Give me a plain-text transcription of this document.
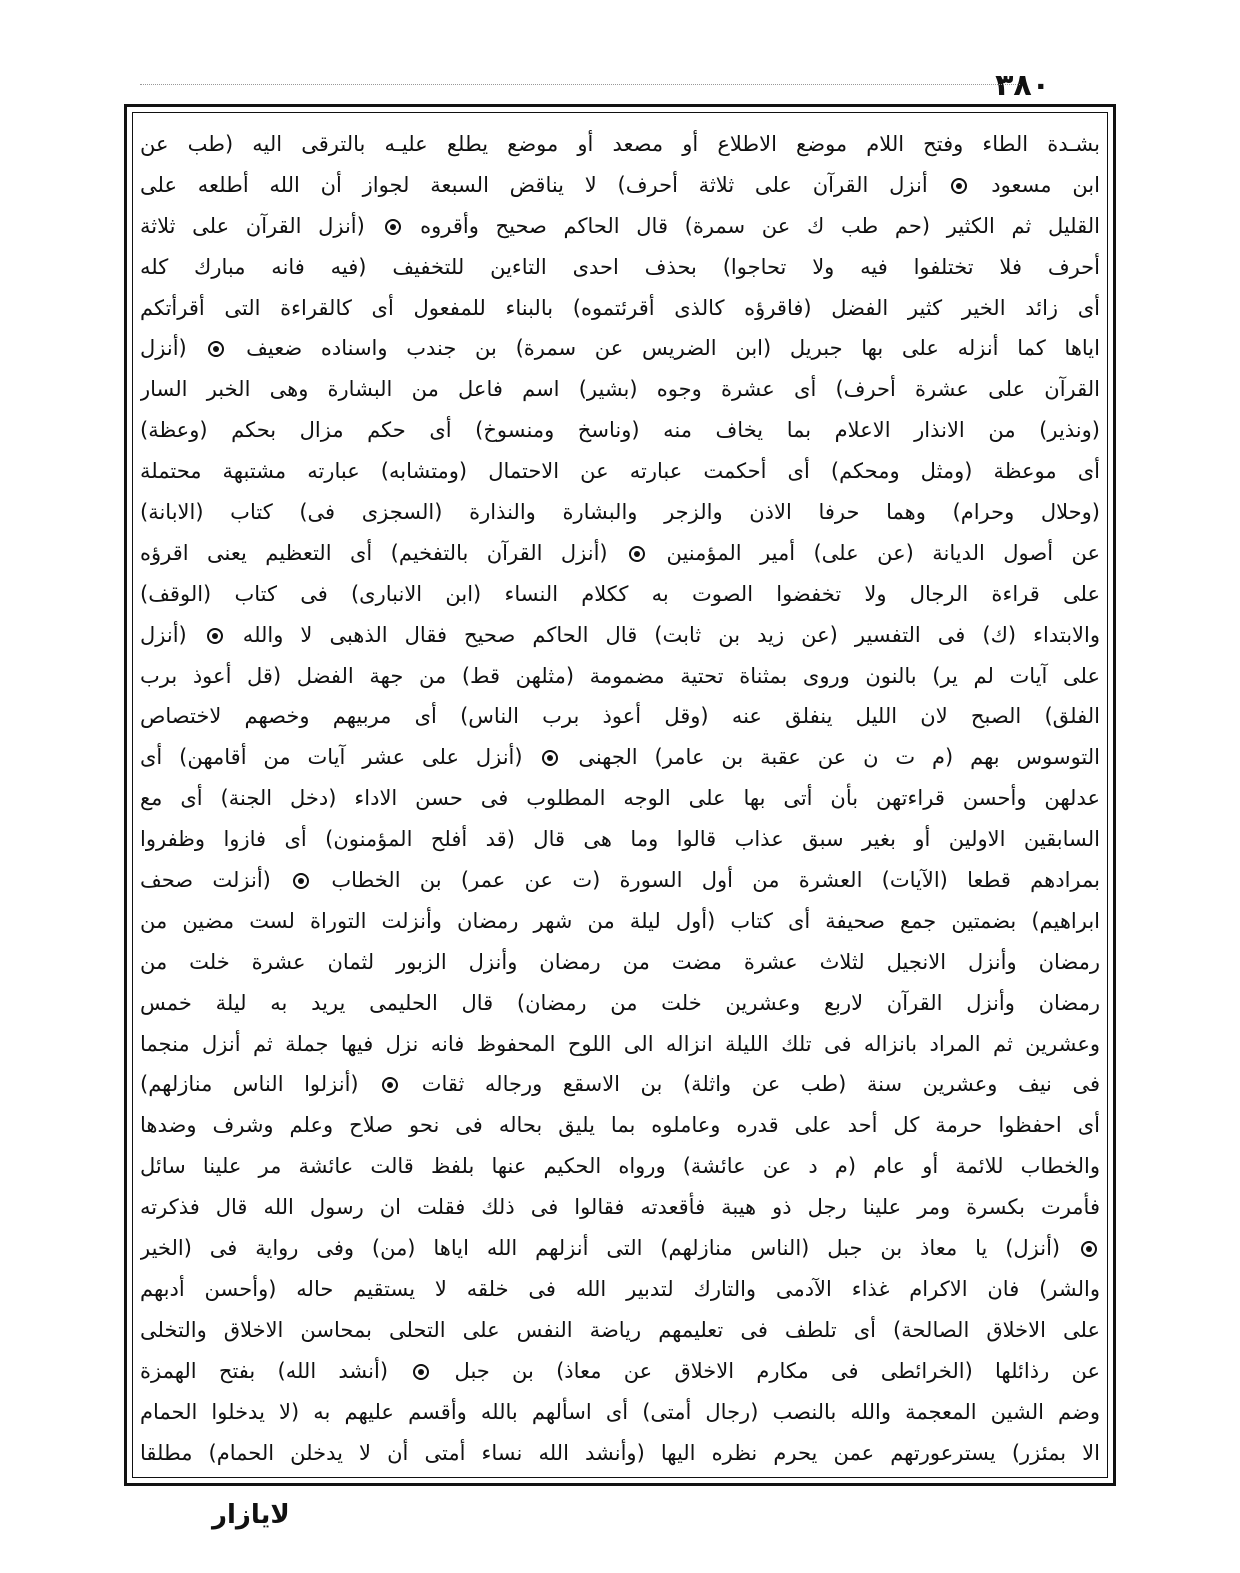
٣٨٠
بشـدة الطاء وفتح اللام موضع الاطلاع أو مصعد أو موضع يطلع عليـه بالترقى اليه (طب عن
ابن مسعود  أنزل القرآن على ثلاثة أحرف) لا يناقض السبعة لجواز أن الله أطلعه على
القليل ثم الكثير (حم طب ك عن سمرة) قال الحاكم صحيح وأقروه  (أنزل القرآن على ثلاثة
أحرف فلا تختلفوا فيه ولا تحاجوا) بحذف احدى التاءين للتخفيف (فيه فانه مبارك كله
أى زائد الخير كثير الفضل (فاقرؤه كالذى أقرئتموه) بالبناء للمفعول أى كالقراءة التى أقرأتكم
اياها كما أنزله على بها جبريل (ابن الضريس عن سمرة) بن جندب واسناده ضعيف  (أنزل
القرآن على عشرة أحرف) أى عشرة وجوه (بشير) اسم فاعل من البشارة وهى الخبر السار
(ونذير) من الانذار الاعلام بما يخاف منه (وناسخ ومنسوخ) أى حكم مزال بحكم (وعظة)
أى موعظة (ومثل ومحكم) أى أحكمت عبارته عن الاحتمال (ومتشابه) عبارته مشتبهة محتملة
(وحلال وحرام) وهما حرفا الاذن والزجر والبشارة والنذارة (السجزى فى) كتاب (الابانة)
عن أصول الديانة (عن على) أمير المؤمنين  (أنزل القرآن بالتفخيم) أى التعظيم يعنى اقرؤه
على قراءة الرجال ولا تخفضوا الصوت به ككلام النساء (ابن الانبارى) فى كتاب (الوقف)
والابتداء (ك) فى التفسير (عن زيد بن ثابت) قال الحاكم صحيح فقال الذهبى لا والله  (أنزل
على آيات لم ير) بالنون وروى بمثناة تحتية مضمومة (مثلهن قط) من جهة الفضل (قل أعوذ برب
الفلق) الصبح لان الليل ينفلق عنه (وقل أعوذ برب الناس) أى مربيهم وخصهم لاختصاص
التوسوس بهم (م ت ن عن عقبة بن عامر) الجهنى  (أنزل على عشر آيات من أقامهن) أى
عدلهن وأحسن قراءتهن بأن أتى بها على الوجه المطلوب فى حسن الاداء (دخل الجنة) أى مع
السابقين الاولين أو بغير سبق عذاب قالوا وما هى قال (قد أفلح المؤمنون) أى فازوا وظفروا
بمرادهم قطعا (الآيات) العشرة من أول السورة (ت عن عمر) بن الخطاب  (أنزلت صحف
ابراهيم) بضمتين جمع صحيفة أى كتاب (أول ليلة من شهر رمضان وأنزلت التوراة لست مضين من
رمضان وأنزل الانجيل لثلاث عشرة مضت من رمضان وأنزل الزبور لثمان عشرة خلت من
رمضان وأنزل القرآن لاربع وعشرين خلت من رمضان) قال الحليمى يريد به ليلة خمس
وعشرين ثم المراد بانزاله فى تلك الليلة انزاله الى اللوح المحفوظ فانه نزل فيها جملة ثم أنزل منجما
فى نيف وعشرين سنة (طب عن واثلة) بن الاسقع ورجاله ثقات  (أنزلوا الناس منازلهم)
أى احفظوا حرمة كل أحد على قدره وعاملوه بما يليق بحاله فى نحو صلاح وعلم وشرف وضدها
والخطاب للائمة أو عام (م د عن عائشة) ورواه الحكيم عنها بلفظ قالت عائشة مر علينا سائل
فأمرت بكسرة ومر علينا رجل ذو هيبة فأقعدته فقالوا فى ذلك فقلت ان رسول الله قال فذكرته
(أنزل) يا معاذ بن جبل (الناس منازلهم) التى أنزلهم الله اياها (من) وفى رواية فى (الخير
والشر) فان الاكرام غذاء الآدمى والتارك لتدبير الله فى خلقه لا يستقيم حاله (وأحسن أدبهم
على الاخلاق الصالحة) أى تلطف فى تعليمهم رياضة النفس على التحلى بمحاسن الاخلاق والتخلى
عن رذائلها (الخرائطى فى مكارم الاخلاق عن معاذ) بن جبل  (أنشد الله) بفتح الهمزة
وضم الشين المعجمة والله بالنصب (رجال أمتى) أى اسألهم بالله وأقسم عليهم به (لا يدخلوا الحمام
الا بمئزر) يسترعورتهم عمن يحرم نظره اليها (وأنشد الله نساء أمتى أن لا يدخلن الحمام) مطلقا
لايازار
